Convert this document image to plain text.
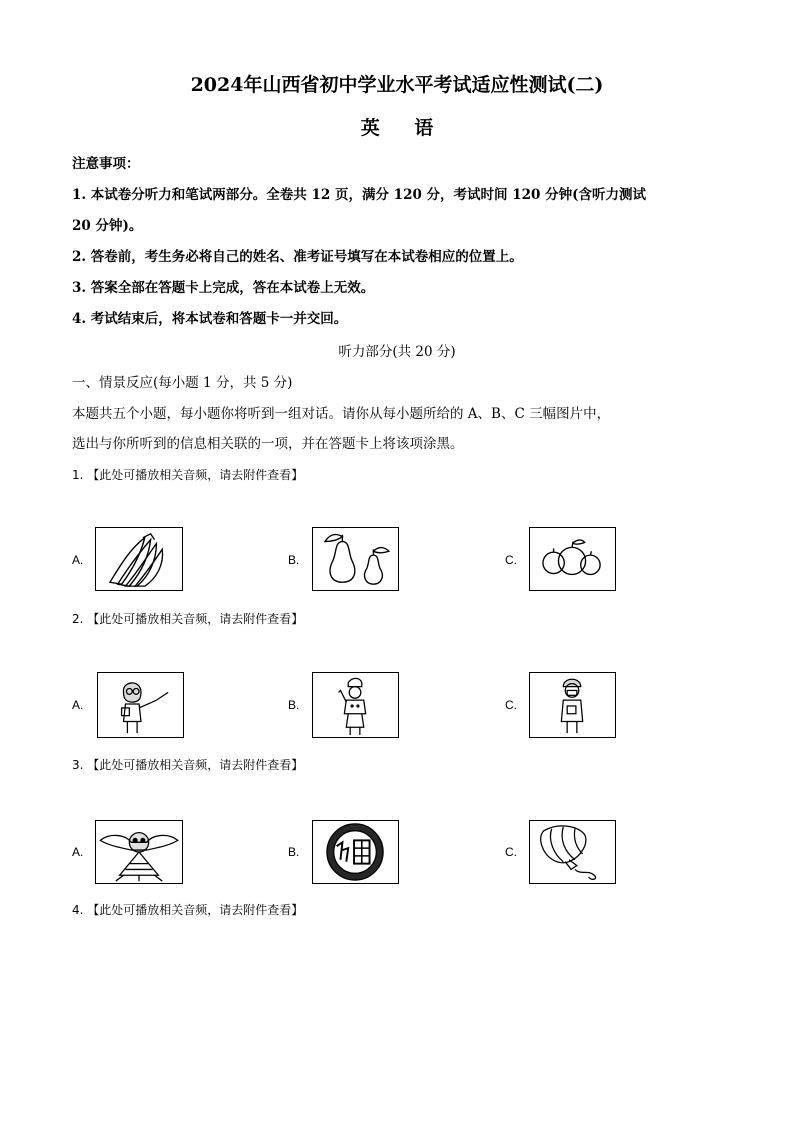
2024年山西省初中学业水平考试适应性测试(二)
英 语
注意事项：
1. 本试卷分听力和笔试两部分。全卷共 12 页，满分 120 分，考试时间 120 分钟(含听力测试
20 分钟)。
2. 答卷前，考生务必将自己的姓名、准考证号填写在本试卷相应的位置上。
3. 答案全部在答题卡上完成，答在本试卷上无效。
4. 考试结束后，将本试卷和答题卡一并交回。
听力部分(共 20 分)
一、情景反应(每小题 1 分，共 5 分)
本题共五个小题，每小题你将听到一组对话。请你从每小题所给的 A、B、C 三幅图片中，
选出与你所听到的信息相关联的一项，并在答题卡上将该项涂黑。
1. 【此处可播放相关音频，请去附件查看】
A.	B.	C.
2. 【此处可播放相关音频，请去附件查看】
A.	B.	C.
3. 【此处可播放相关音频，请去附件查看】
A.	B.	C.
4. 【此处可播放相关音频，请去附件查看】
